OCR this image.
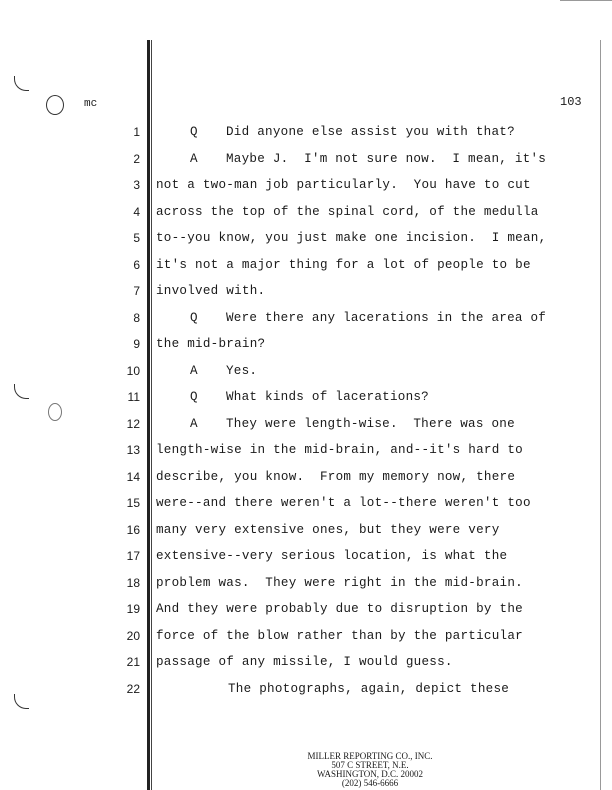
mc	103
1
2
3
4
5
6
7
8
9
10
11
12
13
14
15
16
17
18
19
20
21
22
Q Did anyone else assist you with that?
A Maybe J.  I'm not sure now.  I mean, it's
not a two-man job particularly.  You have to cut
across the top of the spinal cord, of the medulla
to--you know, you just make one incision.  I mean,
it's not a major thing for a lot of people to be
involved with.
Q Were there any lacerations in the area of
the mid-brain?
A Yes.
Q What kinds of lacerations?
A They were length-wise.  There was one
length-wise in the mid-brain, and--it's hard to
describe, you know.  From my memory now, there
were--and there weren't a lot--there weren't too
many very extensive ones, but they were very
extensive--very serious location, is what the
problem was.  They were right in the mid-brain.
And they were probably due to disruption by the
force of the blow rather than by the particular
passage of any missile, I would guess.
The photographs, again, depict these
MILLER REPORTING CO., INC.
507 C STREET, N.E.
WASHINGTON, D.C. 20002
(202) 546-6666
